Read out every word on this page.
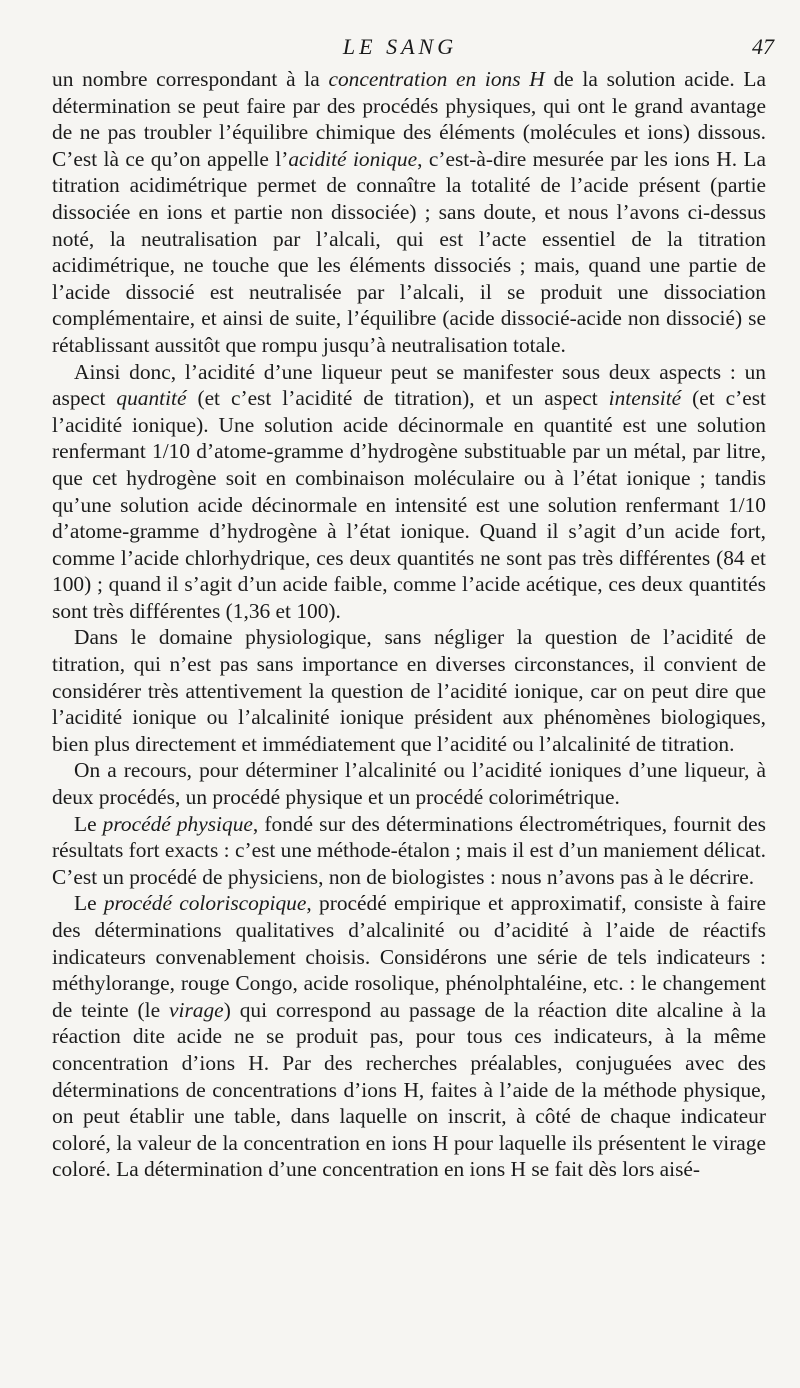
LE SANG	47

un nombre correspondant à la concentration en ions H de la solution acide. La détermination se peut faire par des procédés physiques, qui ont le grand avantage de ne pas troubler l’équilibre chimique des éléments (molécules et ions) dissous. C’est là ce qu’on appelle l’acidité ionique, c’est-à-dire mesurée par les ions H. La titration acidimétrique permet de connaître la totalité de l’acide présent (partie dissociée en ions et partie non dissociée) ; sans doute, et nous l’avons ci-dessus noté, la neutralisation par l’alcali, qui est l’acte essentiel de la titration acidimétrique, ne touche que les éléments dissociés ; mais, quand une partie de l’acide dissocié est neutralisée par l’alcali, il se produit une dissociation complémentaire, et ainsi de suite, l’équilibre (acide dissocié-acide non dissocié) se rétablissant aussitôt que rompu jusqu’à neutralisation totale.

Ainsi donc, l’acidité d’une liqueur peut se manifester sous deux aspects : un aspect quantité (et c’est l’acidité de titration), et un aspect intensité (et c’est l’acidité ionique). Une solution acide décinormale en quantité est une solution renfermant 1/10 d’atome-gramme d’hydrogène substituable par un métal, par litre, que cet hydrogène soit en combinaison moléculaire ou à l’état ionique ; tandis qu’une solution acide décinormale en intensité est une solution renfermant 1/10 d’atome-gramme d’hydrogène à l’état ionique. Quand il s’agit d’un acide fort, comme l’acide chlorhydrique, ces deux quantités ne sont pas très différentes (84 et 100) ; quand il s’agit d’un acide faible, comme l’acide acétique, ces deux quantités sont très différentes (1,36 et 100).

Dans le domaine physiologique, sans négliger la question de l’acidité de titration, qui n’est pas sans importance en diverses circonstances, il convient de considérer très attentivement la question de l’acidité ionique, car on peut dire que l’acidité ionique ou l’alcalinité ionique président aux phénomènes biologiques, bien plus directement et immédiatement que l’acidité ou l’alcalinité de titration.

On a recours, pour déterminer l’alcalinité ou l’acidité ioniques d’une liqueur, à deux procédés, un procédé physique et un procédé colorimétrique.

Le procédé physique, fondé sur des déterminations électrométriques, fournit des résultats fort exacts : c’est une méthode-étalon ; mais il est d’un maniement délicat. C’est un procédé de physiciens, non de biologistes : nous n’avons pas à le décrire.

Le procédé coloriscopique, procédé empirique et approximatif, consiste à faire des déterminations qualitatives d’alcalinité ou d’acidité à l’aide de réactifs indicateurs convenablement choisis. Considérons une série de tels indicateurs : méthylorange, rouge Congo, acide rosolique, phénolphtaléine, etc. : le changement de teinte (le virage) qui correspond au passage de la réaction dite alcaline à la réaction dite acide ne se produit pas, pour tous ces indicateurs, à la même concentration d’ions H. Par des recherches préalables, conjuguées avec des déterminations de concentrations d’ions H, faites à l’aide de la méthode physique, on peut établir une table, dans laquelle on inscrit, à côté de chaque indicateur coloré, la valeur de la concentration en ions H pour laquelle ils présentent le virage coloré. La détermination d’une concentration en ions H se fait dès lors aisé-
